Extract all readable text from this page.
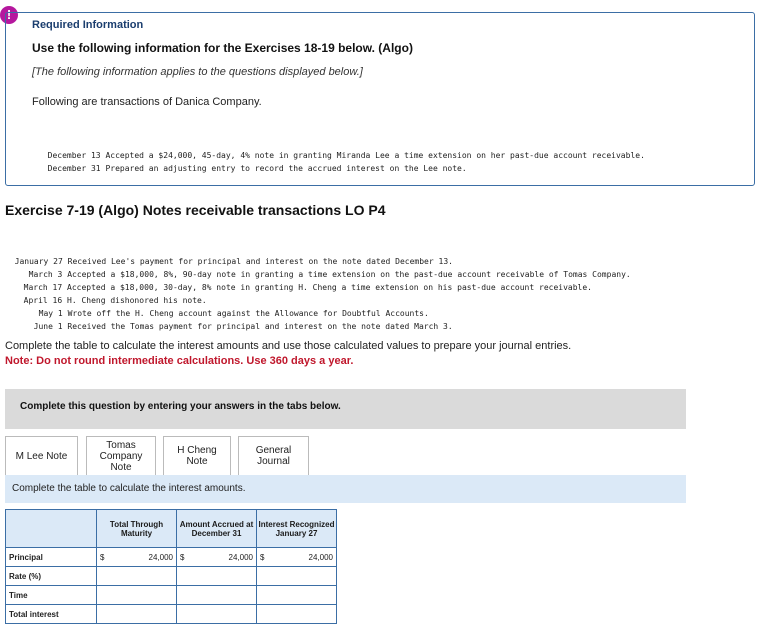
!
Required Information
Use the following information for the Exercises 18-19 below. (Algo)
[The following information applies to the questions displayed below.]
Following are transactions of Danica Company.

December 13 Accepted a $24,000, 45-day, 4% note in granting Miranda Lee a time extension on her past-due account receivable.

December 31 Prepared an adjusting entry to record the accrued interest on the Lee note.

Exercise 7-19 (Algo) Notes receivable transactions LO P4

January 27 Received Lee's payment for principal and interest on the note dated December 13.

March 3 Accepted a $18,000, 8%, 90-day note in granting a time extension on the past-due account receivable of Tomas Company.

March 17 Accepted a $18,000, 30-day, 8% note in granting H. Cheng a time extension on his past-due account receivable.

April 16 H. Cheng dishonored his note.

May 1 Wrote off the H. Cheng account against the Allowance for Doubtful Accounts.

June 1 Received the Tomas payment for principal and interest on the note dated March 3.

Complete the table to calculate the interest amounts and use those calculated values to prepare your journal entries.
Note: Do not round intermediate calculations. Use 360 days a year.
Complete this question by entering your answers in the tabs below.
M Lee Note
Tomas Company Note
H Cheng Note
General Journal
Complete the table to calculate the interest amounts.
	Total Through Maturity	Amount Accrued at December 31	Interest Recognized January 27
Principal	$ 24,000	$ 24,000	$ 24,000

Rate (%)			
Time			
Total interest			
